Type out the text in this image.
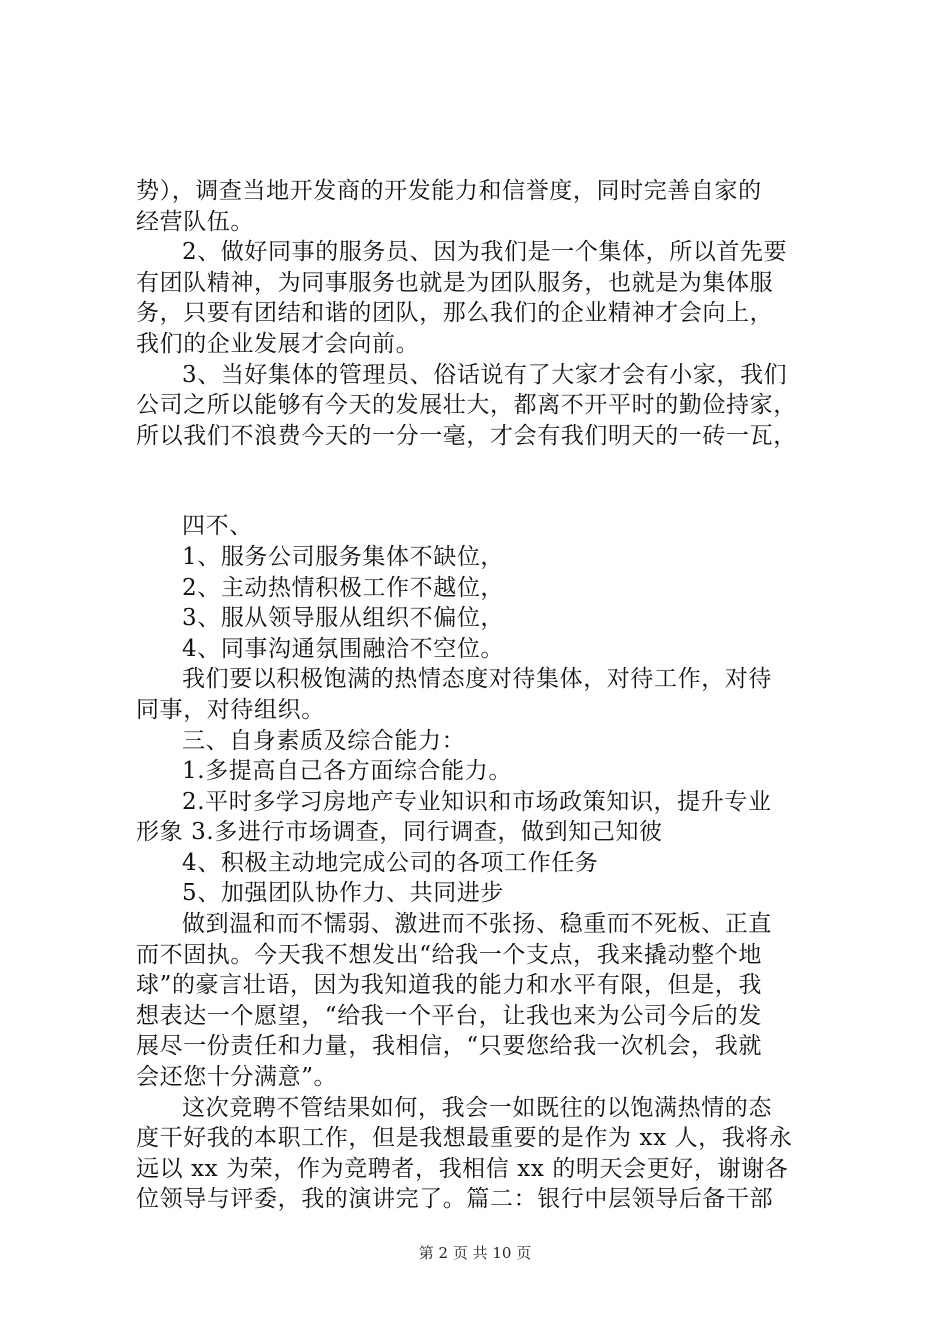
势），调查当地开发商的开发能力和信誉度，同时完善自家的
经营队伍。
2、做好同事的服务员、因为我们是一个集体，所以首先要
有团队精神，为同事服务也就是为团队服务，也就是为集体服
务，只要有团结和谐的团队，那么我们的企业精神才会向上，
我们的企业发展才会向前。
3、当好集体的管理员、俗话说有了大家才会有小家，我们
公司之所以能够有今天的发展壮大，都离不开平时的勤俭持家，
所以我们不浪费今天的一分一毫，才会有我们明天的一砖一瓦，
四不、
1、服务公司服务集体不缺位，
2、主动热情积极工作不越位，
3、服从领导服从组织不偏位，
4、同事沟通氛围融洽不空位。
我们要以积极饱满的热情态度对待集体，对待工作，对待
同事，对待组织。
三、自身素质及综合能力：
1.多提高自己各方面综合能力。
2.平时多学习房地产专业知识和市场政策知识，提升专业
形象 3.多进行市场调查，同行调查，做到知己知彼
4、积极主动地完成公司的各项工作任务
5、加强团队协作力、共同进步
做到温和而不懦弱、激进而不张扬、稳重而不死板、正直
而不固执。今天我不想发出“给我一个支点，我来撬动整个地
球”的豪言壮语，因为我知道我的能力和水平有限，但是，我
想表达一个愿望，“给我一个平台，让我也来为公司今后的发
展尽一份责任和力量，我相信，“只要您给我一次机会，我就
会还您十分满意”。
这次竞聘不管结果如何，我会一如既往的以饱满热情的态
度干好我的本职工作，但是我想最重要的是作为 xx 人，我将永
远以 xx 为荣，作为竞聘者，我相信 xx 的明天会更好，谢谢各
位领导与评委，我的演讲完了。篇二：银行中层领导后备干部
第 2 页 共 10 页
